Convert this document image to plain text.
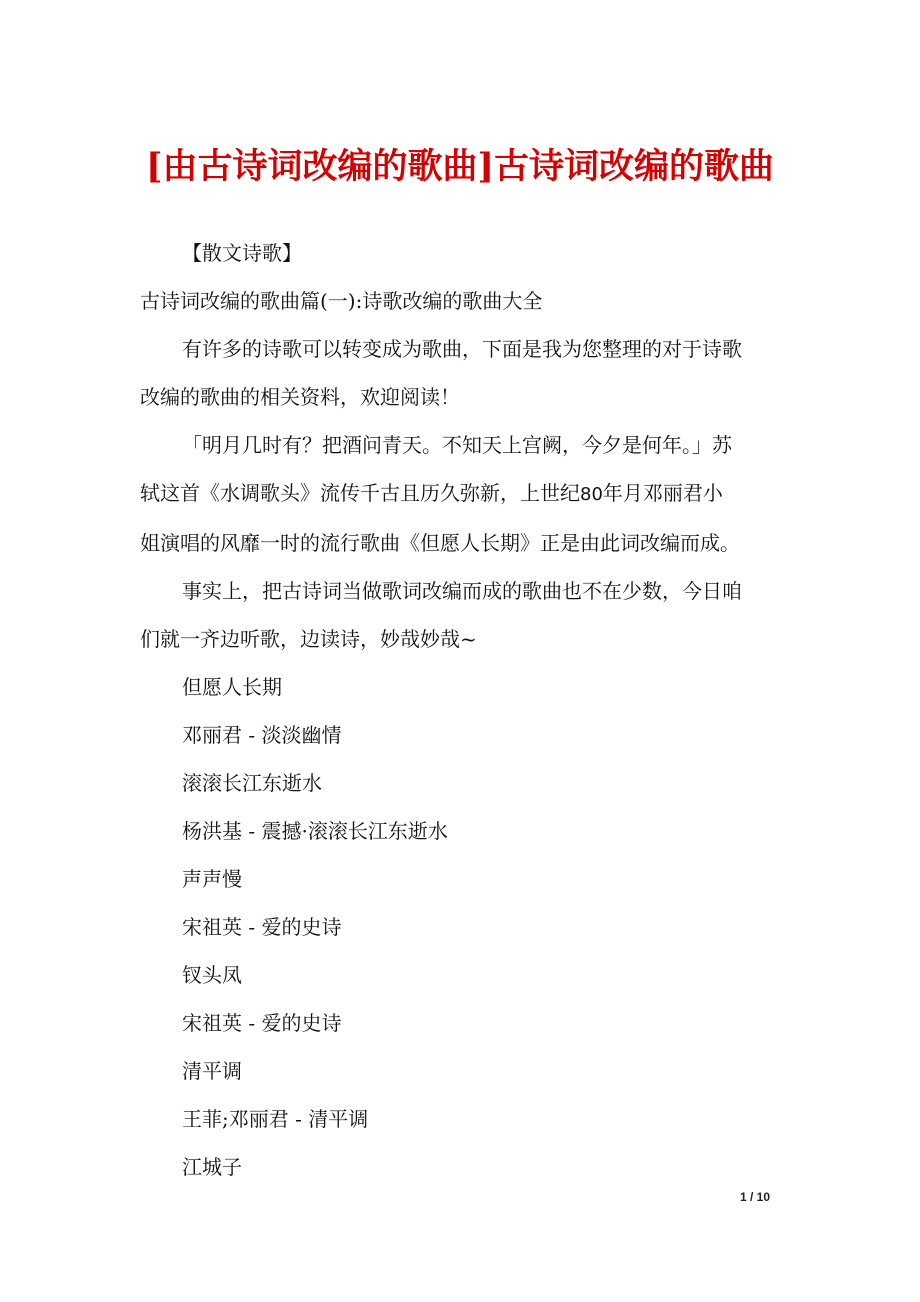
[由古诗词改编的歌曲]古诗词改编的歌曲

【散文诗歌】

古诗词改编的歌曲篇(一):诗歌改编的歌曲大全

有许多的诗歌可以转变成为歌曲，下面是我为您整理的对于诗歌
改编的歌曲的相关资料，欢迎阅读！
「明月几时有？把酒问青天。不知天上宫阙，今夕是何年。」苏
轼这首《水调歌头》流传千古且历久弥新，上世纪80年月邓丽君小
姐演唱的风靡一时的流行歌曲《但愿人长期》正是由此词改编而成。
事实上，把古诗词当做歌词改编而成的歌曲也不在少数，今日咱
们就一齐边听歌，边读诗，妙哉妙哉~

但愿人长期

邓丽君 - 淡淡幽情

滚滚长江东逝水

杨洪基 - 震撼·滚滚长江东逝水

声声慢

宋祖英 - 爱的史诗

钗头凤

宋祖英 - 爱的史诗

清平调

王菲;邓丽君 - 清平调

江城子

1 / 10
